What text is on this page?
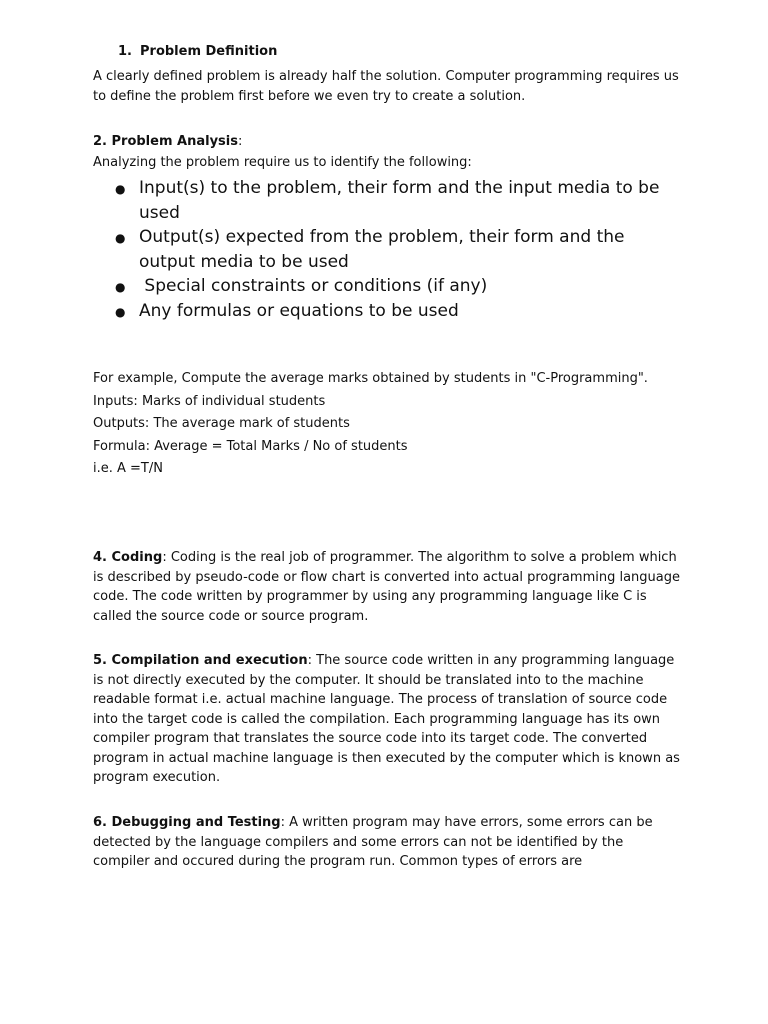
1. Problem Definition

A clearly defined problem is already half the solution. Computer programming requires us to define the problem first before we even try to create a solution.

2. Problem Analysis:

Analyzing the problem require us to identify the following:

● Input(s) to the problem, their form and the input media to be used
● Output(s) expected from the problem, their form and the output media to be used
● Special constraints or conditions (if any)
● Any formulas or equations to be used

For example, Compute the average marks obtained by students in "C-Programming".

Inputs: Marks of individual students

Outputs: The average mark of students

Formula: Average = Total Marks / No of students

i.e. A =T/N

4. Coding: Coding is the real job of programmer. The algorithm to solve a problem which is described by pseudo-code or flow chart is converted into actual programming language code. The code written by programmer by using any programming language like C is called the source code or source program.

5. Compilation and execution: The source code written in any programming language is not directly executed by the computer. It should be translated into to the machine readable format i.e. actual machine language. The process of translation of source code into the target code is called the compilation. Each programming language has its own compiler program that translates the source code into its target code. The converted program in actual machine language is then executed by the computer which is known as program execution.

6. Debugging and Testing: A written program may have errors, some errors can be detected by the language compilers and some errors can not be identified by the compiler and occured during the program run. Common types of errors are
